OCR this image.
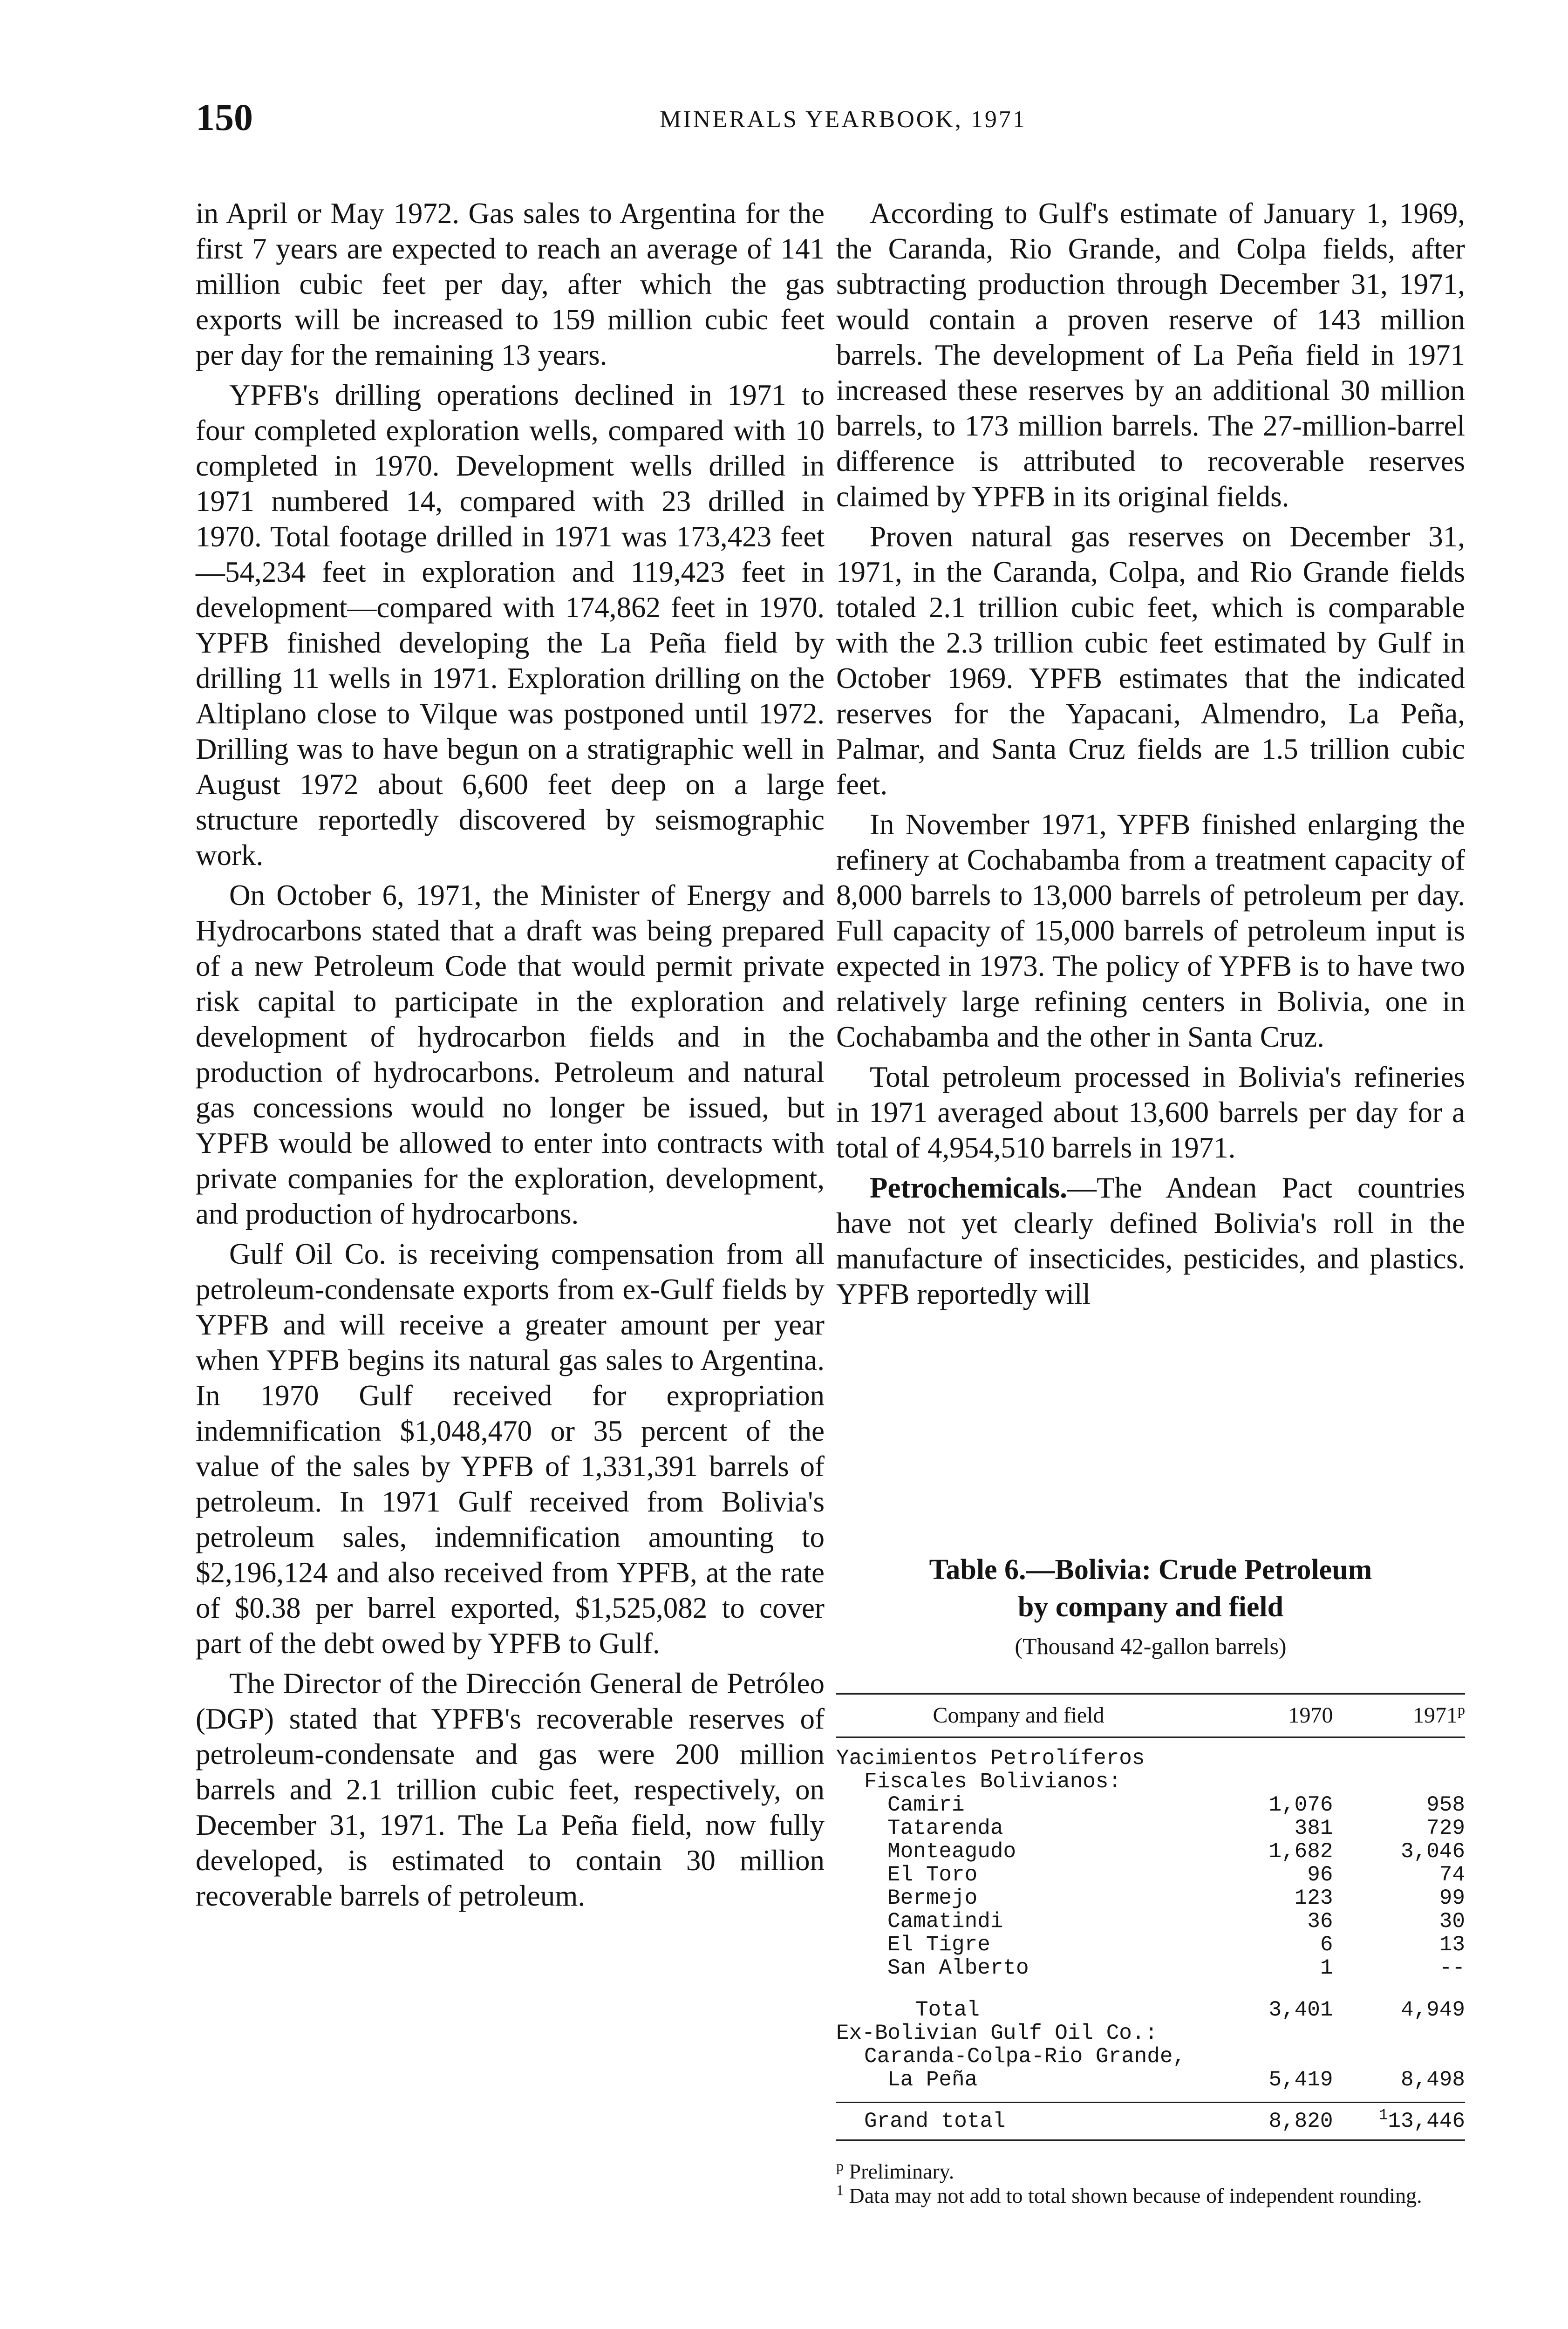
150	MINERALS YEARBOOK, 1971

in April or May 1972. Gas sales to Argentina for the first 7 years are expected to reach an average of 141 million cubic feet per day, after which the gas exports will be increased to 159 million cubic feet per day for the remaining 13 years.

YPFB's drilling operations declined in 1971 to four completed exploration wells, compared with 10 completed in 1970. Development wells drilled in 1971 numbered 14, compared with 23 drilled in 1970. Total footage drilled in 1971 was 173,423 feet—54,234 feet in exploration and 119,423 feet in development—compared with 174,862 feet in 1970. YPFB finished developing the La Peña field by drilling 11 wells in 1971. Exploration drilling on the Altiplano close to Vilque was postponed until 1972. Drilling was to have begun on a stratigraphic well in August 1972 about 6,600 feet deep on a large structure reportedly discovered by seismographic work.

On October 6, 1971, the Minister of Energy and Hydrocarbons stated that a draft was being prepared of a new Petroleum Code that would permit private risk capital to participate in the exploration and development of hydrocarbon fields and in the production of hydrocarbons. Petroleum and natural gas concessions would no longer be issued, but YPFB would be allowed to enter into contracts with private companies for the exploration, development, and production of hydrocarbons.

Gulf Oil Co. is receiving compensation from all petroleum-condensate exports from ex-Gulf fields by YPFB and will receive a greater amount per year when YPFB begins its natural gas sales to Argentina. In 1970 Gulf received for expropriation indemnification $1,048,470 or 35 percent of the value of the sales by YPFB of 1,331,391 barrels of petroleum. In 1971 Gulf received from Bolivia's petroleum sales, indemnification amounting to $2,196,124 and also received from YPFB, at the rate of $0.38 per barrel exported, $1,525,082 to cover part of the debt owed by YPFB to Gulf.

The Director of the Dirección General de Petróleo (DGP) stated that YPFB's recoverable reserves of petroleum-condensate and gas were 200 million barrels and 2.1 trillion cubic feet, respectively, on December 31, 1971. The La Peña field, now fully developed, is estimated to contain 30 million recoverable barrels of petroleum.

According to Gulf's estimate of January 1, 1969, the Caranda, Rio Grande, and Colpa fields, after subtracting production through December 31, 1971, would contain a proven reserve of 143 million barrels. The development of La Peña field in 1971 increased these reserves by an additional 30 million barrels, to 173 million barrels. The 27-million-barrel difference is attributed to recoverable reserves claimed by YPFB in its original fields.

Proven natural gas reserves on December 31, 1971, in the Caranda, Colpa, and Rio Grande fields totaled 2.1 trillion cubic feet, which is comparable with the 2.3 trillion cubic feet estimated by Gulf in October 1969. YPFB estimates that the indicated reserves for the Yapacani, Almendro, La Peña, Palmar, and Santa Cruz fields are 1.5 trillion cubic feet.

In November 1971, YPFB finished enlarging the refinery at Cochabamba from a treatment capacity of 8,000 barrels to 13,000 barrels of petroleum per day. Full capacity of 15,000 barrels of petroleum input is expected in 1973. The policy of YPFB is to have two relatively large refining centers in Bolivia, one in Cochabamba and the other in Santa Cruz.

Total petroleum processed in Bolivia's refineries in 1971 averaged about 13,600 barrels per day for a total of 4,954,510 barrels in 1971.

Petrochemicals.—The Andean Pact countries have not yet clearly defined Bolivia's roll in the manufacture of insecticides, pesticides, and plastics. YPFB reportedly will

Table 6.—Bolivia: Crude Petroleum
by company and field
(Thousand 42-gallon barrels)
Company and field	1970	1971$^p$

Yacimientos Petrolíferos		
Fiscales Bolivianos:		
Camiri	1,076	958
Tatarenda	381	729
Monteagudo	1,682	3,046
El Toro	96	74
Bermejo	123	99
Camatindi	36	30
El Tigre	6	13
San Alberto	1	--
Total	3,401	4,949
Ex-Bolivian Gulf Oil Co.:		
Caranda-Colpa-Rio Grande,		
La Peña	5,419	8,498

Grand total	8,820	$^1$13,446
$^p$ Preliminary.
$^1$ Data may not add to total shown because of independent rounding.
